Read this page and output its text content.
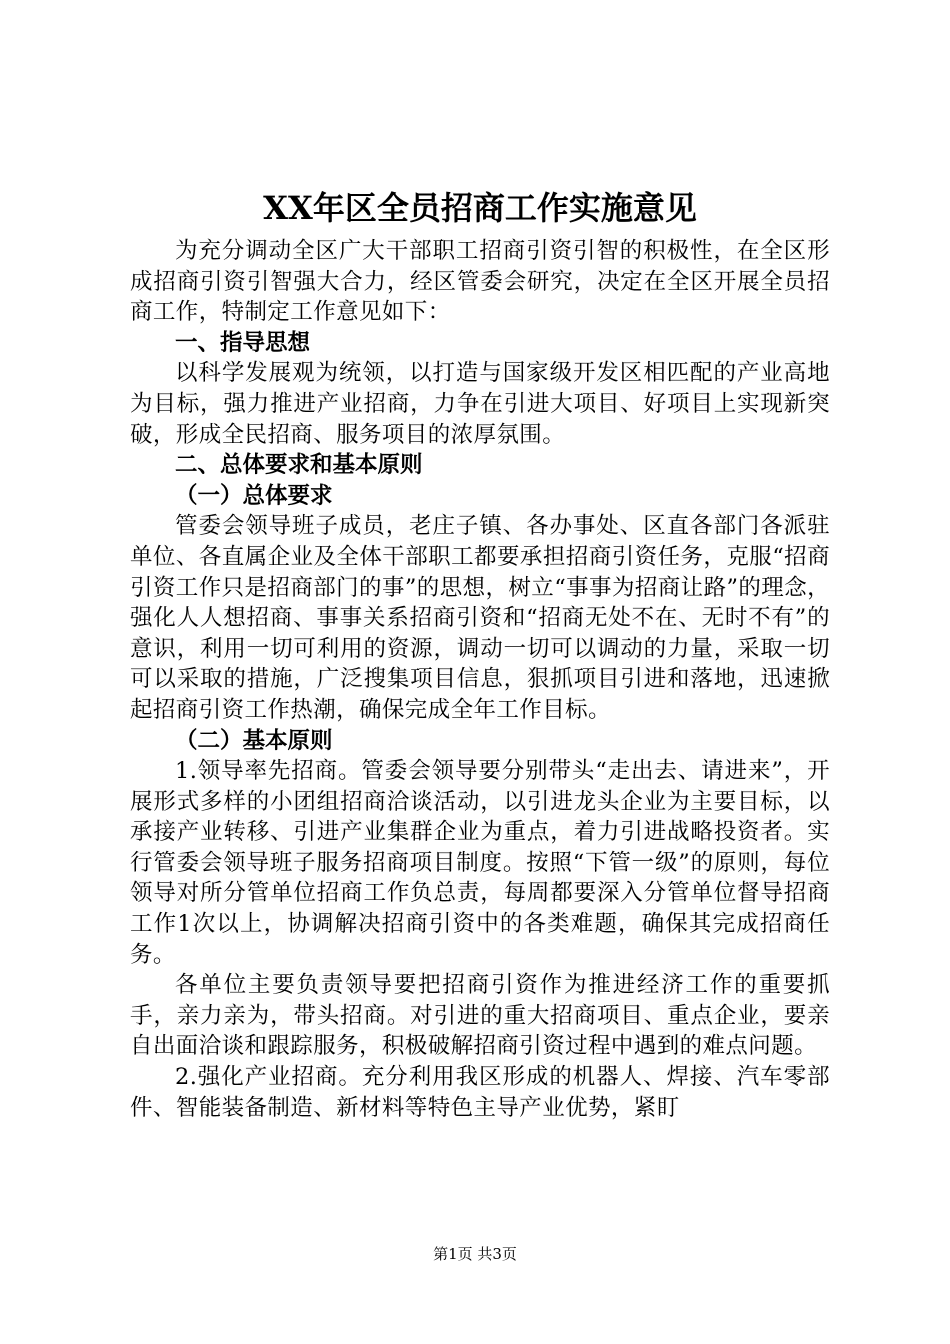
XX年区全员招商工作实施意见

为充分调动全区广大干部职工招商引资引智的积极性，在全区形成招商引资引智强大合力，经区管委会研究，决定在全区开展全员招商工作，特制定工作意见如下：

一、指导思想

以科学发展观为统领，以打造与国家级开发区相匹配的产业高地为目标，强力推进产业招商，力争在引进大项目、好项目上实现新突破，形成全民招商、服务项目的浓厚氛围。

二、总体要求和基本原则
（一）总体要求

管委会领导班子成员，老庄子镇、各办事处、区直各部门各派驻单位、各直属企业及全体干部职工都要承担招商引资任务，克服“招商引资工作只是招商部门的事”的思想，树立“事事为招商让路”的理念，强化人人想招商、事事关系招商引资和“招商无处不在、无时不有”的意识，利用一切可利用的资源，调动一切可以调动的力量，采取一切可以采取的措施，广泛搜集项目信息，狠抓项目引进和落地，迅速掀起招商引资工作热潮，确保完成全年工作目标。

（二）基本原则

1.领导率先招商。管委会领导要分别带头“走出去、请进来”，开展形式多样的小团组招商洽谈活动，以引进龙头企业为主要目标，以承接产业转移、引进产业集群企业为重点，着力引进战略投资者。实行管委会领导班子服务招商项目制度。按照“下管一级”的原则，每位领导对所分管单位招商工作负总责，每周都要深入分管单位督导招商工作1次以上，协调解决招商引资中的各类难题，确保其完成招商任务。

各单位主要负责领导要把招商引资作为推进经济工作的重要抓手，亲力亲为，带头招商。对引进的重大招商项目、重点企业，要亲自出面洽谈和跟踪服务，积极破解招商引资过程中遇到的难点问题。

2.强化产业招商。充分利用我区形成的机器人、焊接、汽车零部件、智能装备制造、新材料等特色主导产业优势，紧盯

第1页 共3页
